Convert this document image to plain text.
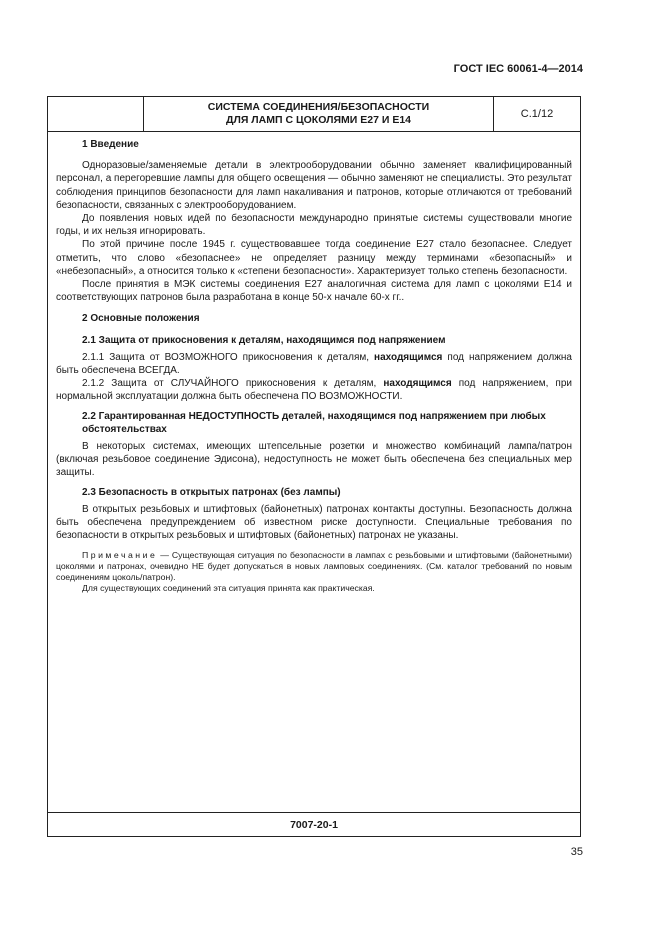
ГОСТ IEC 60061-4—2014
СИСТЕМА СОЕДИНЕНИЯ/БЕЗОПАСНОСТИ
ДЛЯ ЛАМП С ЦОКОЛЯМИ Е27 И Е14	С.1/12

1 Введение

Одноразовые/заменяемые детали в электрооборудовании обычно заменяет квалифицированный персонал, а перегоревшие лампы для общего освещения — обычно заменяют не специалисты. Это результат соблюдения принципов безопасности для ламп накаливания и патронов, которые отличаются от требований безопасности, связанных с электрооборудованием.

До появления новых идей по безопасности международно принятые системы существовали многие годы, и их нельзя игнорировать.

По этой причине после 1945 г. существовавшее тогда соединение Е27 стало безопаснее. Следует отметить, что слово «безопаснее» не определяет разницу между терминами «безопасный» и «небезопасный», а относится только к «степени безопасности». Характеризует только степень безопасности.

После принятия в МЭК системы соединения Е27 аналогичная система для ламп с цоколями Е14 и соответствующих патронов была разработана в конце 50-х начале 60-х гг..

2 Основные положения

2.1 Защита от прикосновения к деталям, находящимся под напряжением

2.1.1 Защита от ВОЗМОЖНОГО прикосновения к деталям, находящимся под напряжением должна быть обеспечена ВСЕГДА.

2.1.2 Защита от СЛУЧАЙНОГО прикосновения к деталям, находящимся под напряжением, при нормальной эксплуатации должна быть обеспечена ПО ВОЗМОЖНОСТИ.

2.2 Гарантированная НЕДОСТУПНОСТЬ деталей, находящимся под напряжением при любых обстоятельствах

В некоторых системах, имеющих штепсельные розетки и множество комбинаций лампа/патрон (включая резьбовое соединение Эдисона), недоступность не может быть обеспечена без специальных мер защиты.

2.3 Безопасность в открытых патронах (без лампы)

В открытых резьбовых и штифтовых (байонетных) патронах контакты доступны. Безопасность должна быть обеспечена предупреждением об известном риске доступности. Специальные требования по безопасности в открытых резьбовых и штифтовых (байонетных) патронах не указаны.

Примечание — Существующая ситуация по безопасности в лампах с резьбовыми и штифтовыми (байонетными) цоколями и патронах, очевидно НЕ будет допускаться в новых ламповых соединениях. (См. каталог требований по новым соединениям цоколь/патрон).

Для существующих соединений эта ситуация принята как практическая.

7007-20-1
35
